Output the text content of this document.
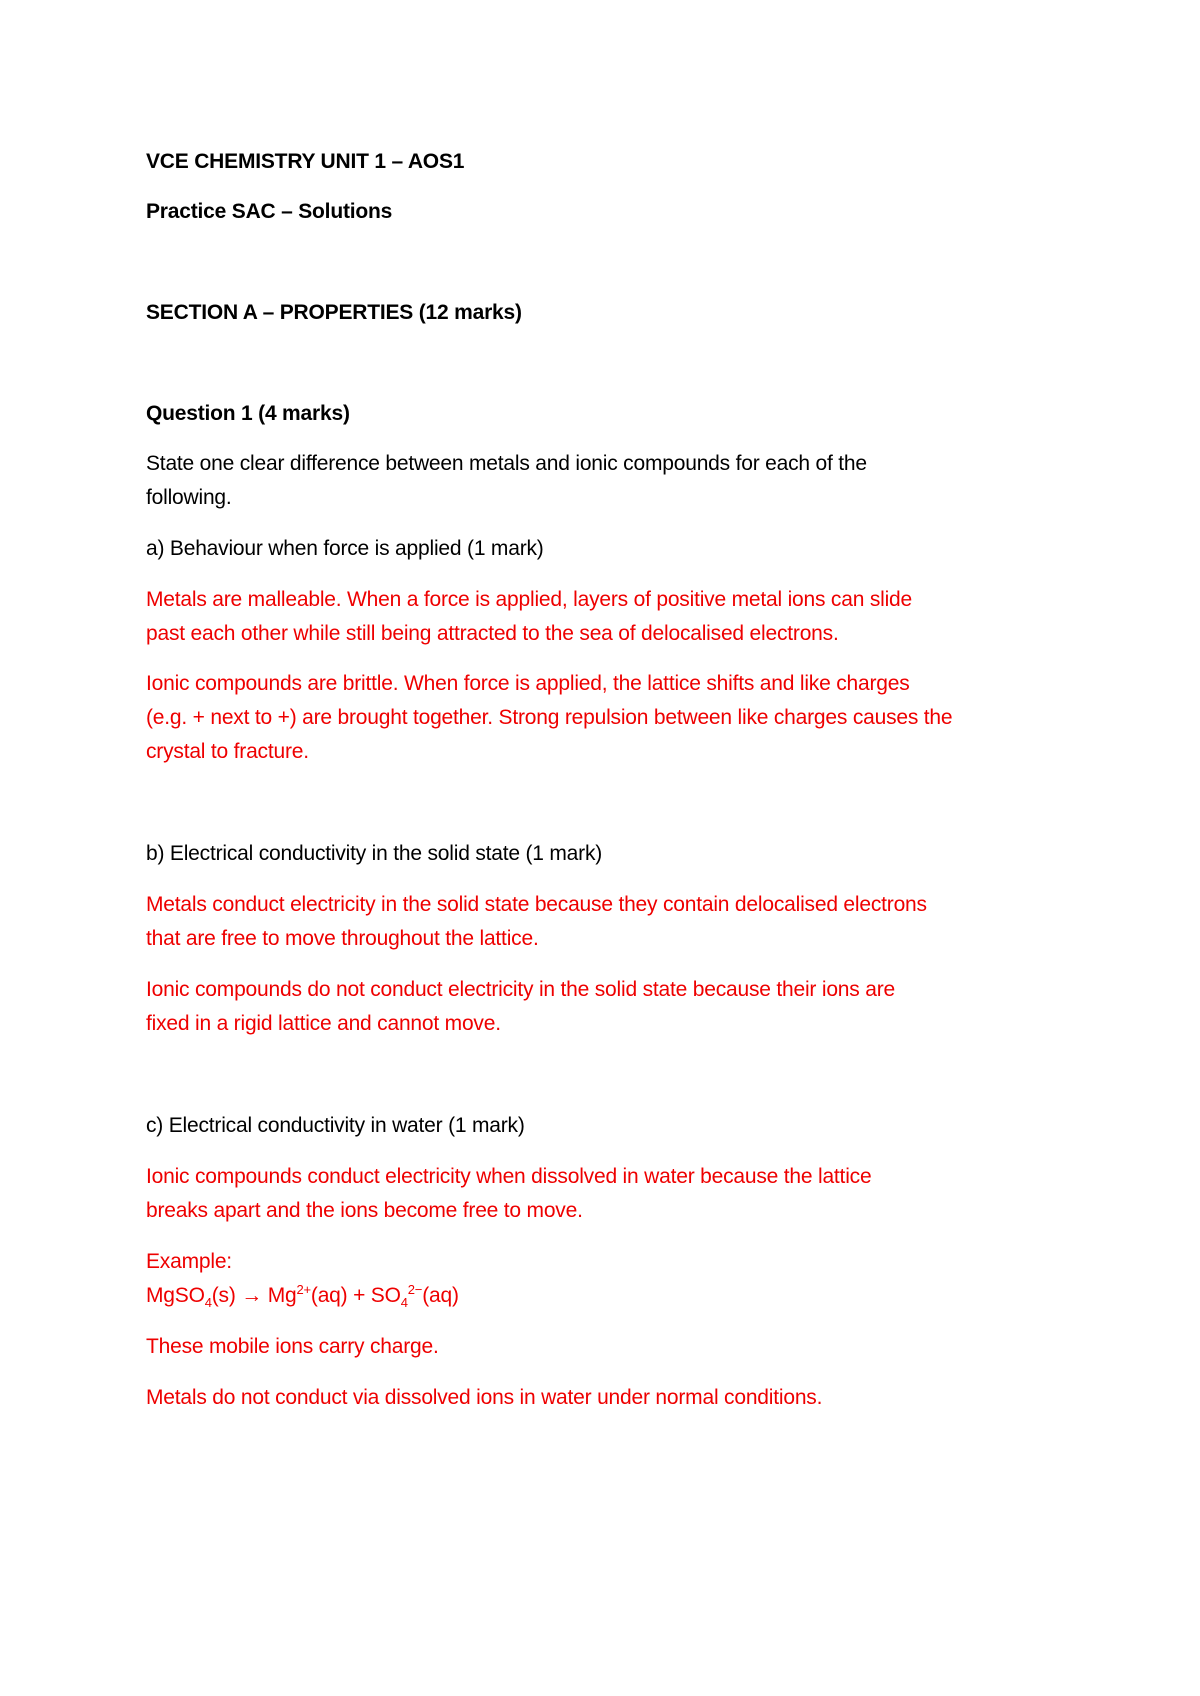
VCE CHEMISTRY UNIT 1 – AOS1
Practice SAC – Solutions
SECTION A – PROPERTIES (12 marks)
Question 1 (4 marks)
State one clear difference between metals and ionic compounds for each of the
following.
a) Behaviour when force is applied (1 mark)
Metals are malleable. When a force is applied, layers of positive metal ions can slide
past each other while still being attracted to the sea of delocalised electrons.
Ionic compounds are brittle. When force is applied, the lattice shifts and like charges
(e.g. + next to +) are brought together. Strong repulsion between like charges causes the
crystal to fracture.
b) Electrical conductivity in the solid state (1 mark)
Metals conduct electricity in the solid state because they contain delocalised electrons
that are free to move throughout the lattice.
Ionic compounds do not conduct electricity in the solid state because their ions are
fixed in a rigid lattice and cannot move.
c) Electrical conductivity in water (1 mark)
Ionic compounds conduct electricity when dissolved in water because the lattice
breaks apart and the ions become free to move.
Example:
MgSO$_4$(s) → $Mg^{2+}(aq) + SO_4^{2-}(aq)$
These mobile ions carry charge.
Metals do not conduct via dissolved ions in water under normal conditions.
